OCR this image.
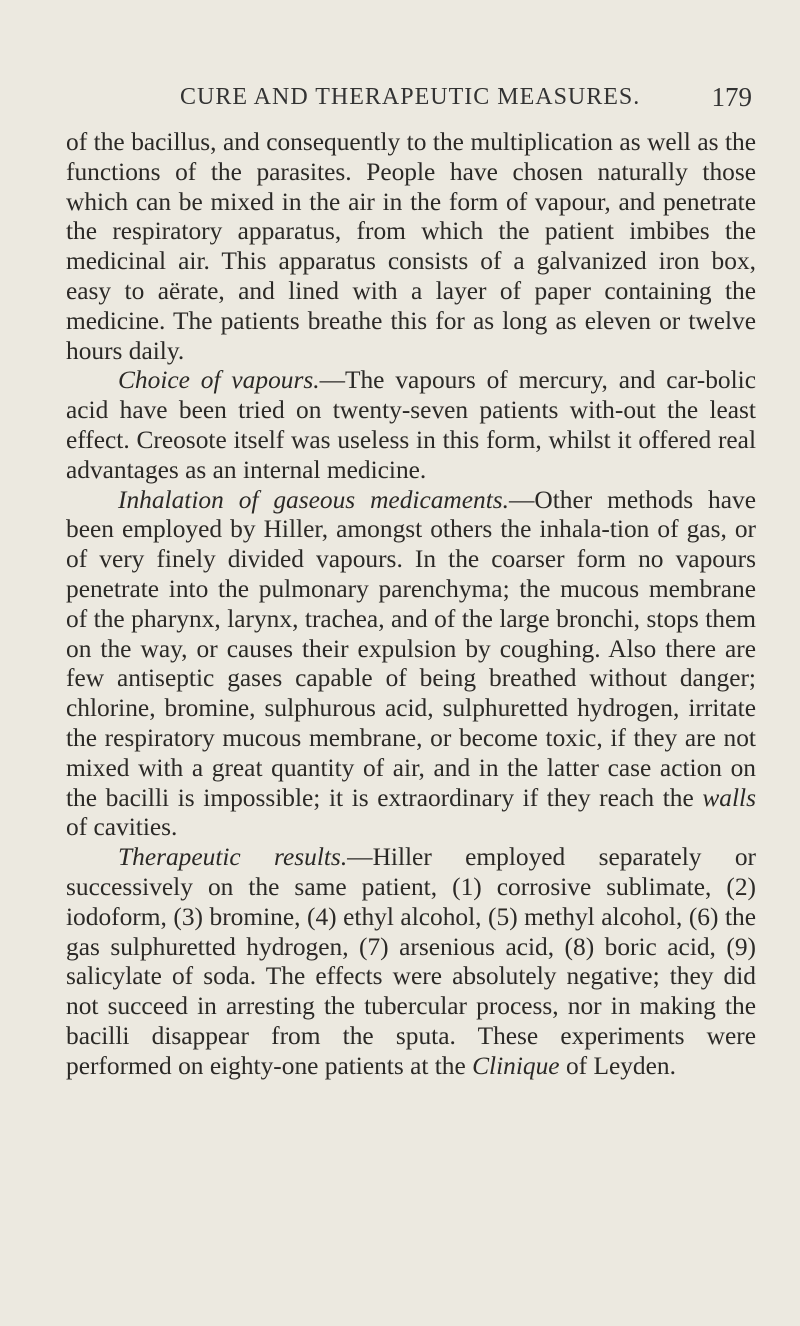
CURE AND THERAPEUTIC MEASURES.	179

of the bacillus, and consequently to the multiplication as well as the functions of the parasites. People have chosen naturally those which can be mixed in the air in the form of vapour, and penetrate the respiratory apparatus, from which the patient imbibes the medicinal air. This apparatus consists of a galvanized iron box, easy to aërate, and lined with a layer of paper containing the medicine. The patients breathe this for as long as eleven or twelve hours daily.

Choice of vapours.—The vapours of mercury, and car-bolic acid have been tried on twenty-seven patients with-out the least effect. Creosote itself was useless in this form, whilst it offered real advantages as an internal medicine.

Inhalation of gaseous medicaments.—Other methods have been employed by Hiller, amongst others the inhala-tion of gas, or of very finely divided vapours. In the coarser form no vapours penetrate into the pulmonary parenchyma; the mucous membrane of the pharynx, larynx, trachea, and of the large bronchi, stops them on the way, or causes their expulsion by coughing. Also there are few antiseptic gases capable of being breathed without danger; chlorine, bromine, sulphurous acid, sulphuretted hydrogen, irritate the respiratory mucous membrane, or become toxic, if they are not mixed with a great quantity of air, and in the latter case action on the bacilli is impossible; it is extraordinary if they reach the walls of cavities.

Therapeutic results.—Hiller employed separately or successively on the same patient, (1) corrosive sublimate, (2) iodoform, (3) bromine, (4) ethyl alcohol, (5) methyl alcohol, (6) the gas sulphuretted hydrogen, (7) arsenious acid, (8) boric acid, (9) salicylate of soda. The effects were absolutely negative; they did not succeed in arresting the tubercular process, nor in making the bacilli disappear from the sputa. These experiments were performed on eighty-one patients at the Clinique of Leyden.
